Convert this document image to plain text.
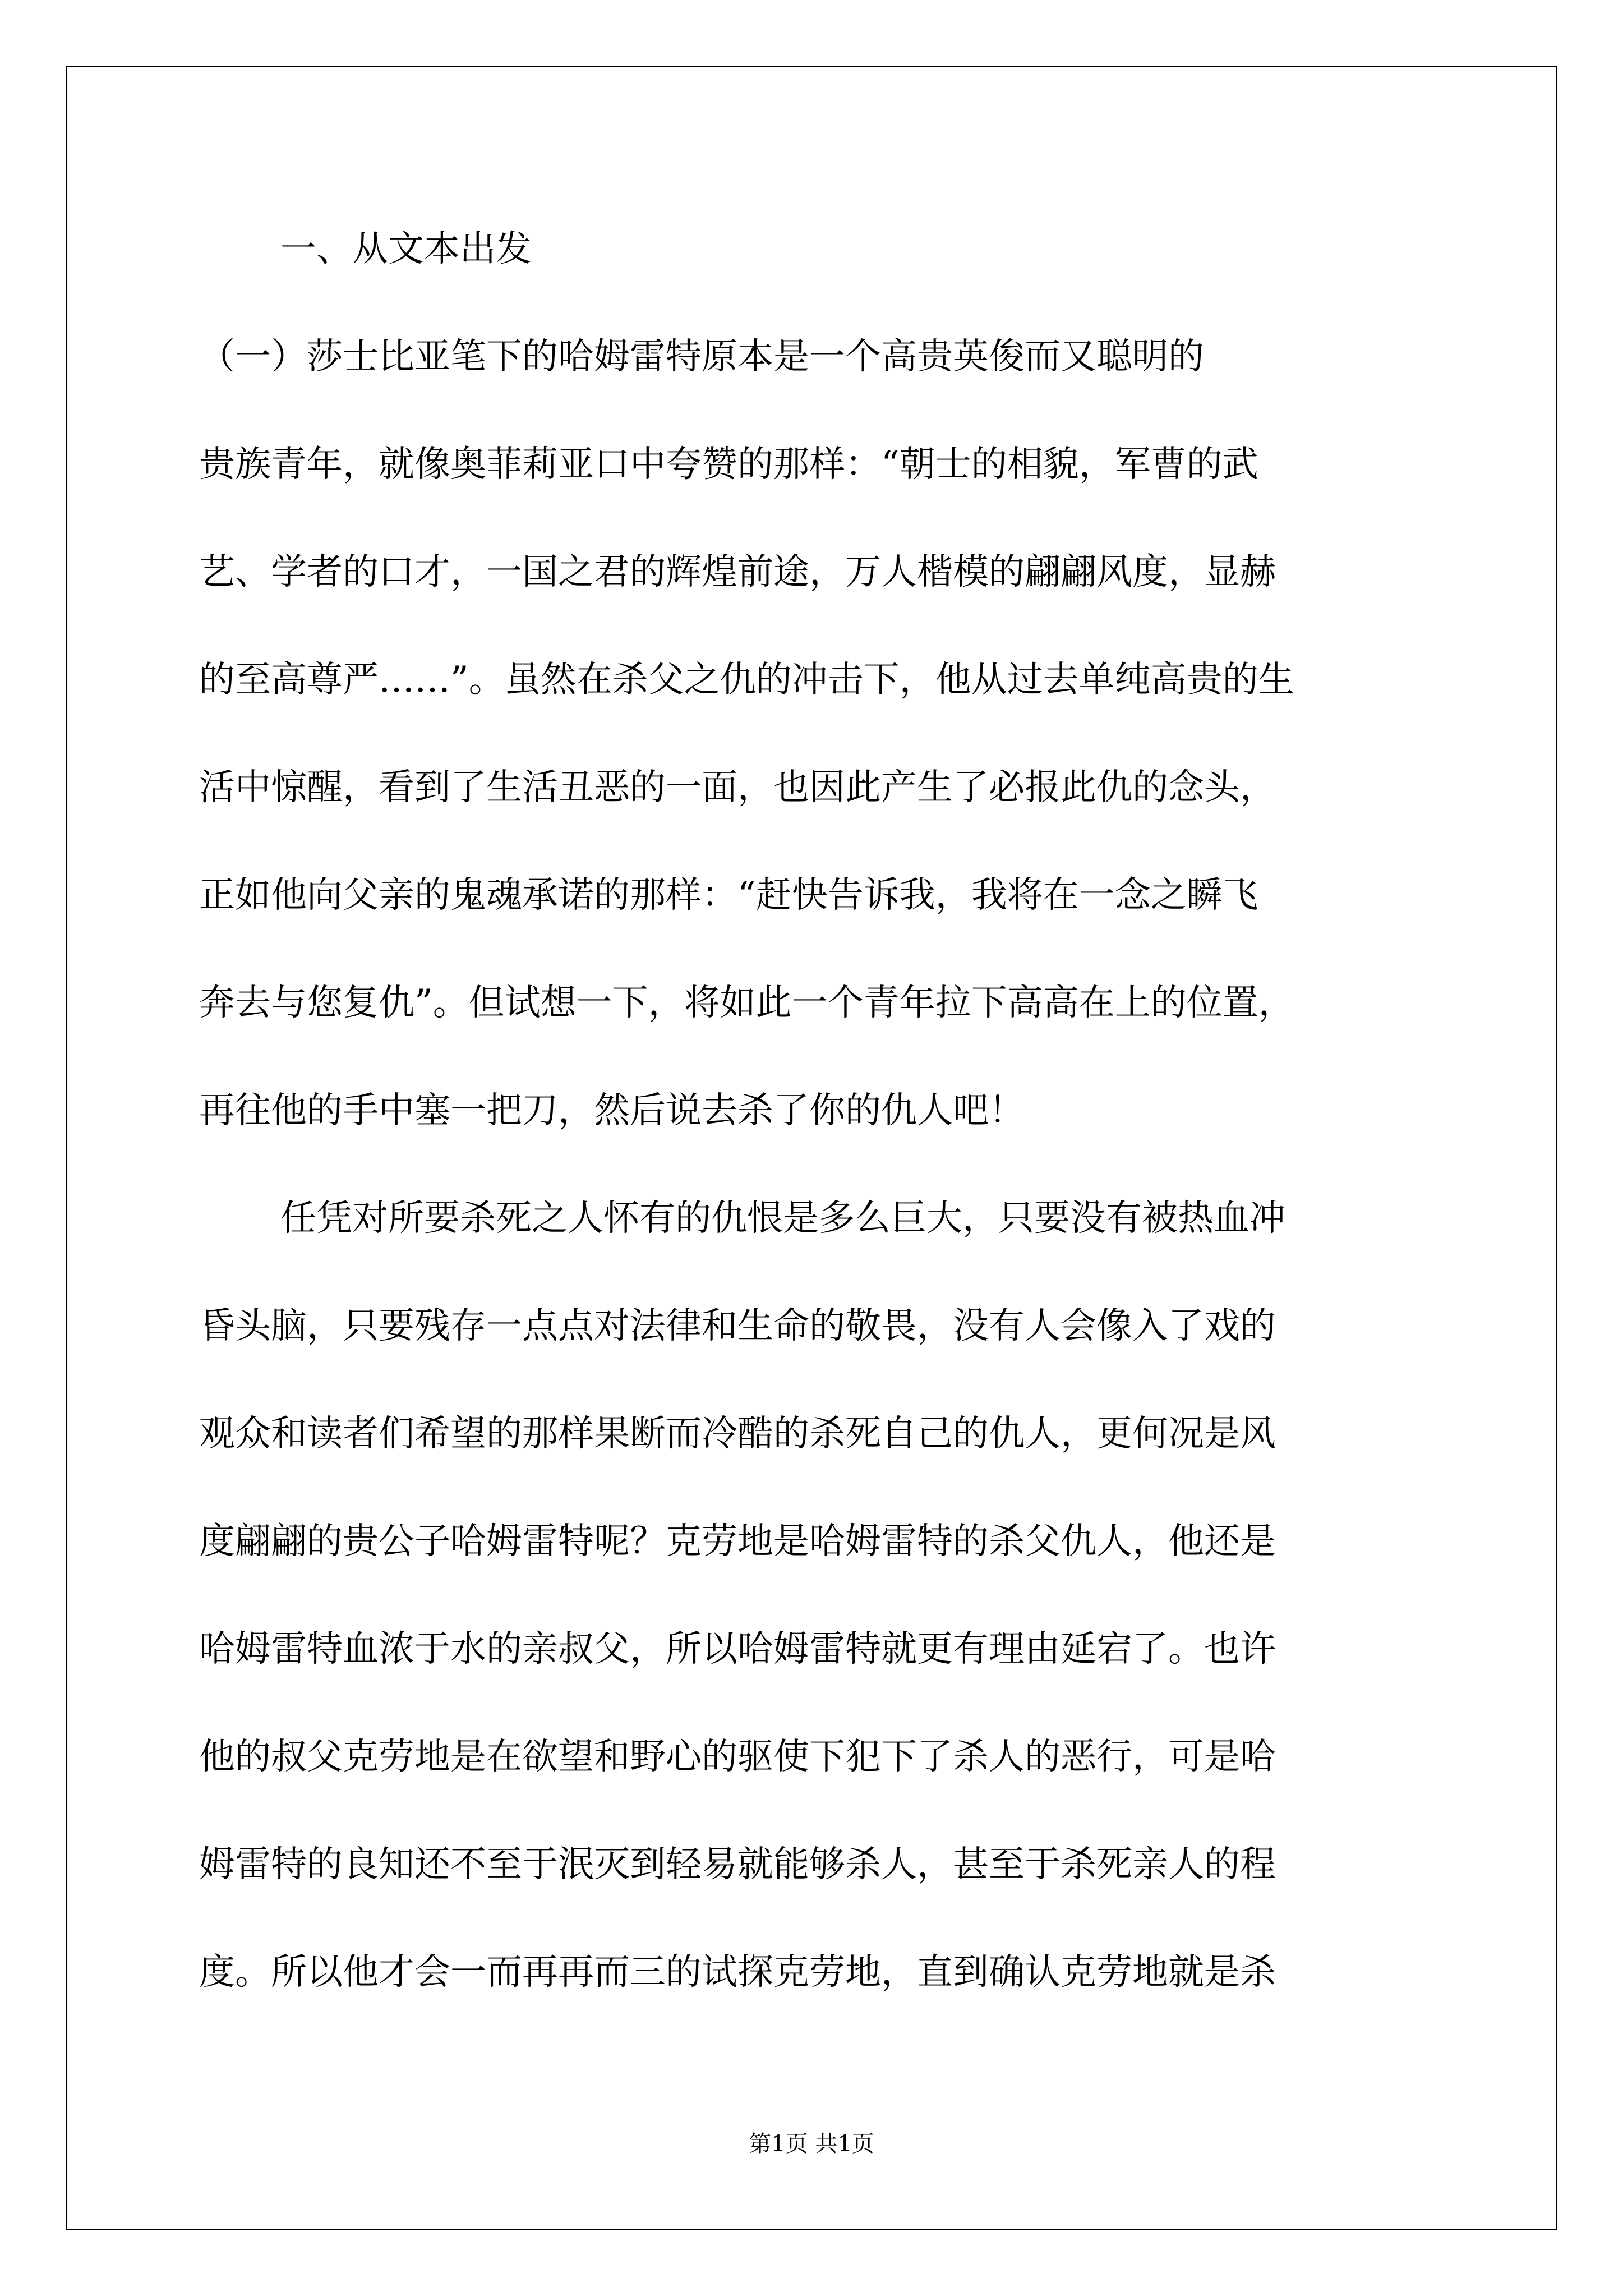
一、从文本出发
（一）莎士比亚笔下的哈姆雷特原本是一个高贵英俊而又聪明的
贵族青年，就像奥菲莉亚口中夸赞的那样：“朝士的相貌，军曹的武
艺、学者的口才，一国之君的辉煌前途，万人楷模的翩翩风度，显赫
的至高尊严……”。虽然在杀父之仇的冲击下，他从过去单纯高贵的生
活中惊醒，看到了生活丑恶的一面，也因此产生了必报此仇的念头，
正如他向父亲的鬼魂承诺的那样：“赶快告诉我，我将在一念之瞬飞
奔去与您复仇”。但试想一下，将如此一个青年拉下高高在上的位置，
再往他的手中塞一把刀，然后说去杀了你的仇人吧！
任凭对所要杀死之人怀有的仇恨是多么巨大，只要没有被热血冲
昏头脑，只要残存一点点对法律和生命的敬畏，没有人会像入了戏的
观众和读者们希望的那样果断而冷酷的杀死自己的仇人，更何况是风
度翩翩的贵公子哈姆雷特呢？克劳地是哈姆雷特的杀父仇人，他还是
哈姆雷特血浓于水的亲叔父，所以哈姆雷特就更有理由延宕了。也许
他的叔父克劳地是在欲望和野心的驱使下犯下了杀人的恶行，可是哈
姆雷特的良知还不至于泯灭到轻易就能够杀人，甚至于杀死亲人的程
度。所以他才会一而再再而三的试探克劳地，直到确认克劳地就是杀
第1页 共1页
